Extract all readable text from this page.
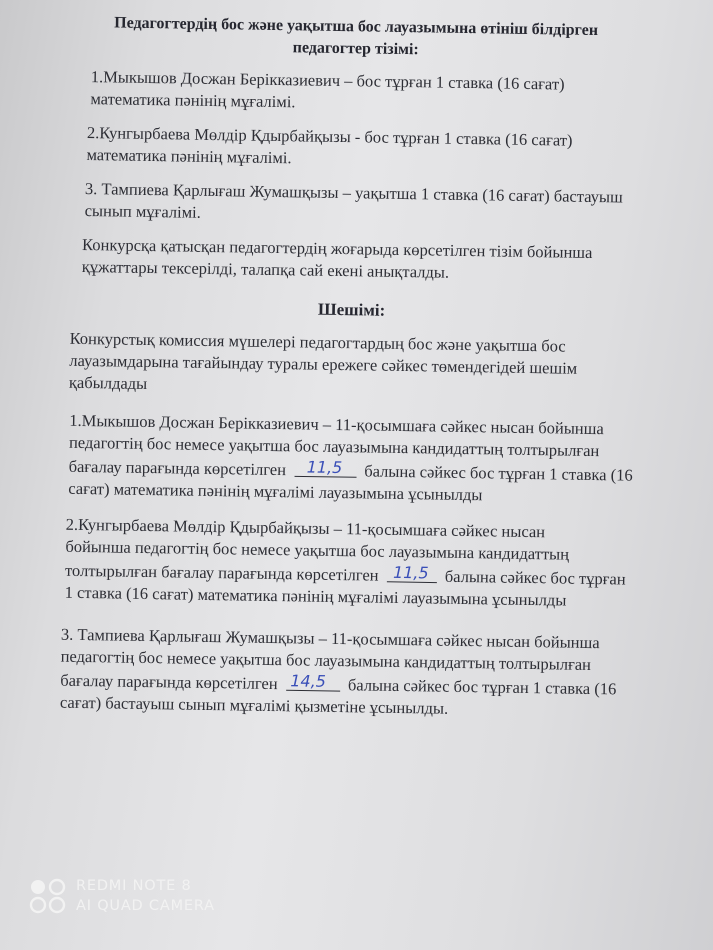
Педагогтердің бос және уақытша бос лауазымына өтініш білдірген
педагогтер тізімі:

1.Мыкышов Досжан Берікказиевич – бос тұрған 1 ставка (16 сағат)
математика пәнінің мұғалімі.

2.Кунгырбаева Мөлдір Қдырбайқызы - бос тұрған 1 ставка (16 сағат)
математика пәнінің мұғалімі.

3. Тампиева Қарлығаш Жумашқызы – уақытша 1 ставка (16 сағат) бастауыш
сынып мұғалімі.

Конкурсқа қатысқан педагогтердің жоғарыда көрсетілген тізім бойынша
құжаттары тексерілді, талапқа сай екені анықталды.

Шешімі:

Конкурстық комиссия мүшелері педагогтардың бос және уақытша бос
лауазымдарына тағайындау туралы ережеге сәйкес төмендегідей шешім
қабылдады

1.Мыкышов Досжан Берікказиевич – 11-қосымшаға сәйкес нысан бойынша
педагогтің бос немесе уақытша бос лауазымына кандидаттың толтырылған
бағалау парағында көрсетілген 11,5 балына сәйкес бос тұрған 1 ставка (16
сағат) математика пәнінің мұғалімі лауазымына ұсынылды

2.Кунгырбаева Мөлдір Қдырбайқызы – 11-қосымшаға сәйкес нысан
бойынша педагогтің бос немесе уақытша бос лауазымына кандидаттың
толтырылған бағалау парағында көрсетілген 11,5 балына сәйкес бос тұрған
1 ставка (16 сағат) математика пәнінің мұғалімі лауазымына ұсынылды

3. Тампиева Қарлығаш Жумашқызы – 11-қосымшаға сәйкес нысан бойынша
педагогтің бос немесе уақытша бос лауазымына кандидаттың толтырылған
бағалау парағында көрсетілген 14,5 балына сәйкес бос тұрған 1 ставка (16
сағат) бастауыш сынып мұғалімі қызметіне ұсынылды.

REDMI NOTE 8
AI QUAD CAMERA
